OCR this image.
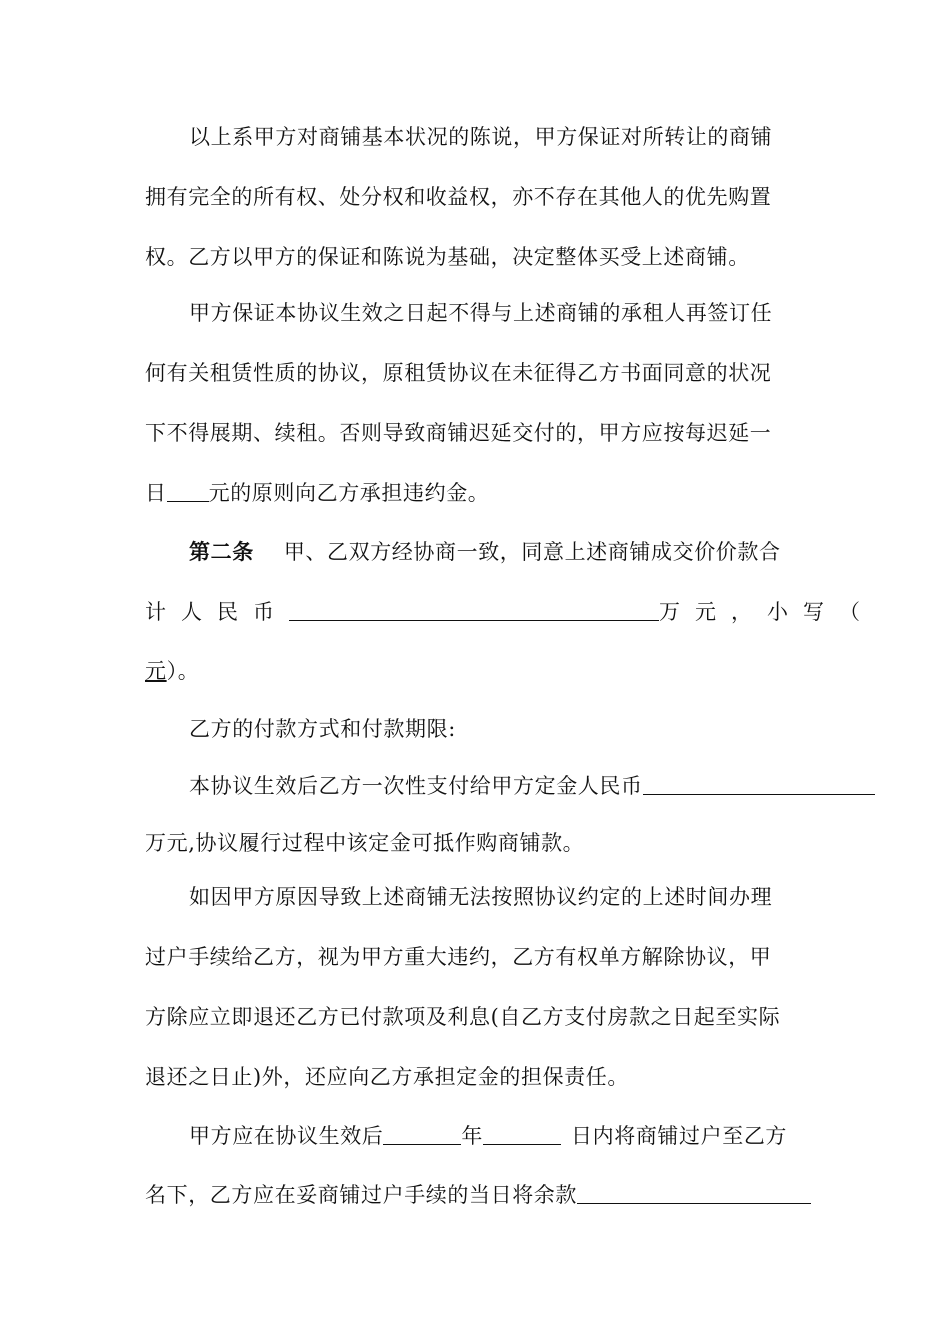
以上系甲方对商铺基本状况的陈说，甲方保证对所转让的商铺
拥有完全的所有权、处分权和收益权，亦不存在其他人的优先购置
权。乙方以甲方的保证和陈说为基础，决定整体买受上述商铺。
甲方保证本协议生效之日起不得与上述商铺的承租人再签订任
何有关租赁性质的协议，原租赁协议在未征得乙方书面同意的状况
下不得展期、续租。否则导致商铺迟延交付的，甲方应按每迟延一
日 元的原则向乙方承担违约金。
第二条 甲、乙双方经协商一致，同意上述商铺成交价价款合
计人民币	万元，小写（
元）。
乙方的付款方式和付款期限:
本协议生效后乙方一次性支付给甲方定金人民币
万元,协议履行过程中该定金可抵作购商铺款。
如因甲方原因导致上述商铺无法按照协议约定的上述时间办理
过户手续给乙方，视为甲方重大违约，乙方有权单方解除协议，甲
方除应立即退还乙方已付款项及利息(自乙方支付房款之日起至实际
退还之日止)外，还应向乙方承担定金的担保责任。
甲方应在协议生效后	年	日内将商铺过户至乙方
名下，乙方应在妥商铺过户手续的当日将余款
